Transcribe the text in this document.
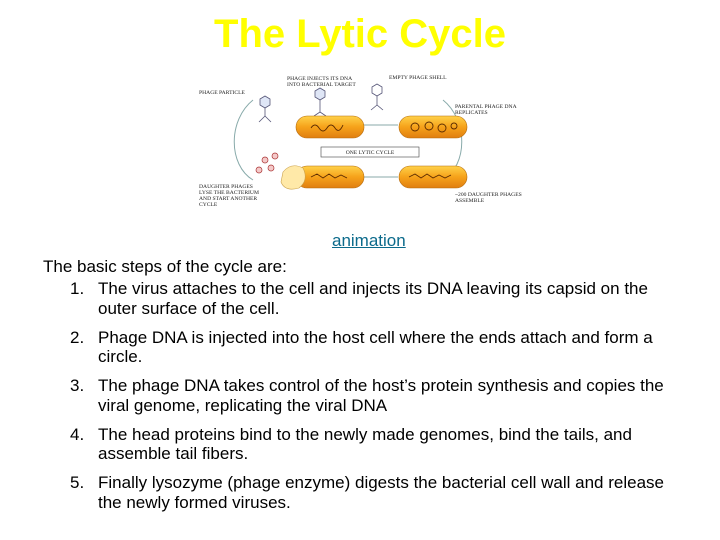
The Lytic Cycle
ONE LYTIC CYCLE
PHAGE PARTICLE
PHAGE INJECTS ITS DNA
INTO BACTERIAL TARGET
EMPTY PHAGE SHELL
PARENTAL PHAGE DNA
REPLICATES
DAUGHTER PHAGES
LYSE THE BACTERIUM
AND START ANOTHER
CYCLE
~200 DAUGHTER PHAGES
ASSEMBLE
animation
The basic steps of the cycle are:
1. The virus attaches to the cell and injects its DNA leaving its capsid on the outer surface of the cell.
2. Phage DNA is injected into the host cell where the ends attach and form a circle.
3. The phage DNA takes control of the host’s protein synthesis and copies the viral genome, replicating the viral DNA
4. The head proteins bind to the newly made genomes, bind the tails, and assemble tail fibers.
5. Finally lysozyme (phage enzyme) digests the bacterial cell wall and release the newly formed viruses.
